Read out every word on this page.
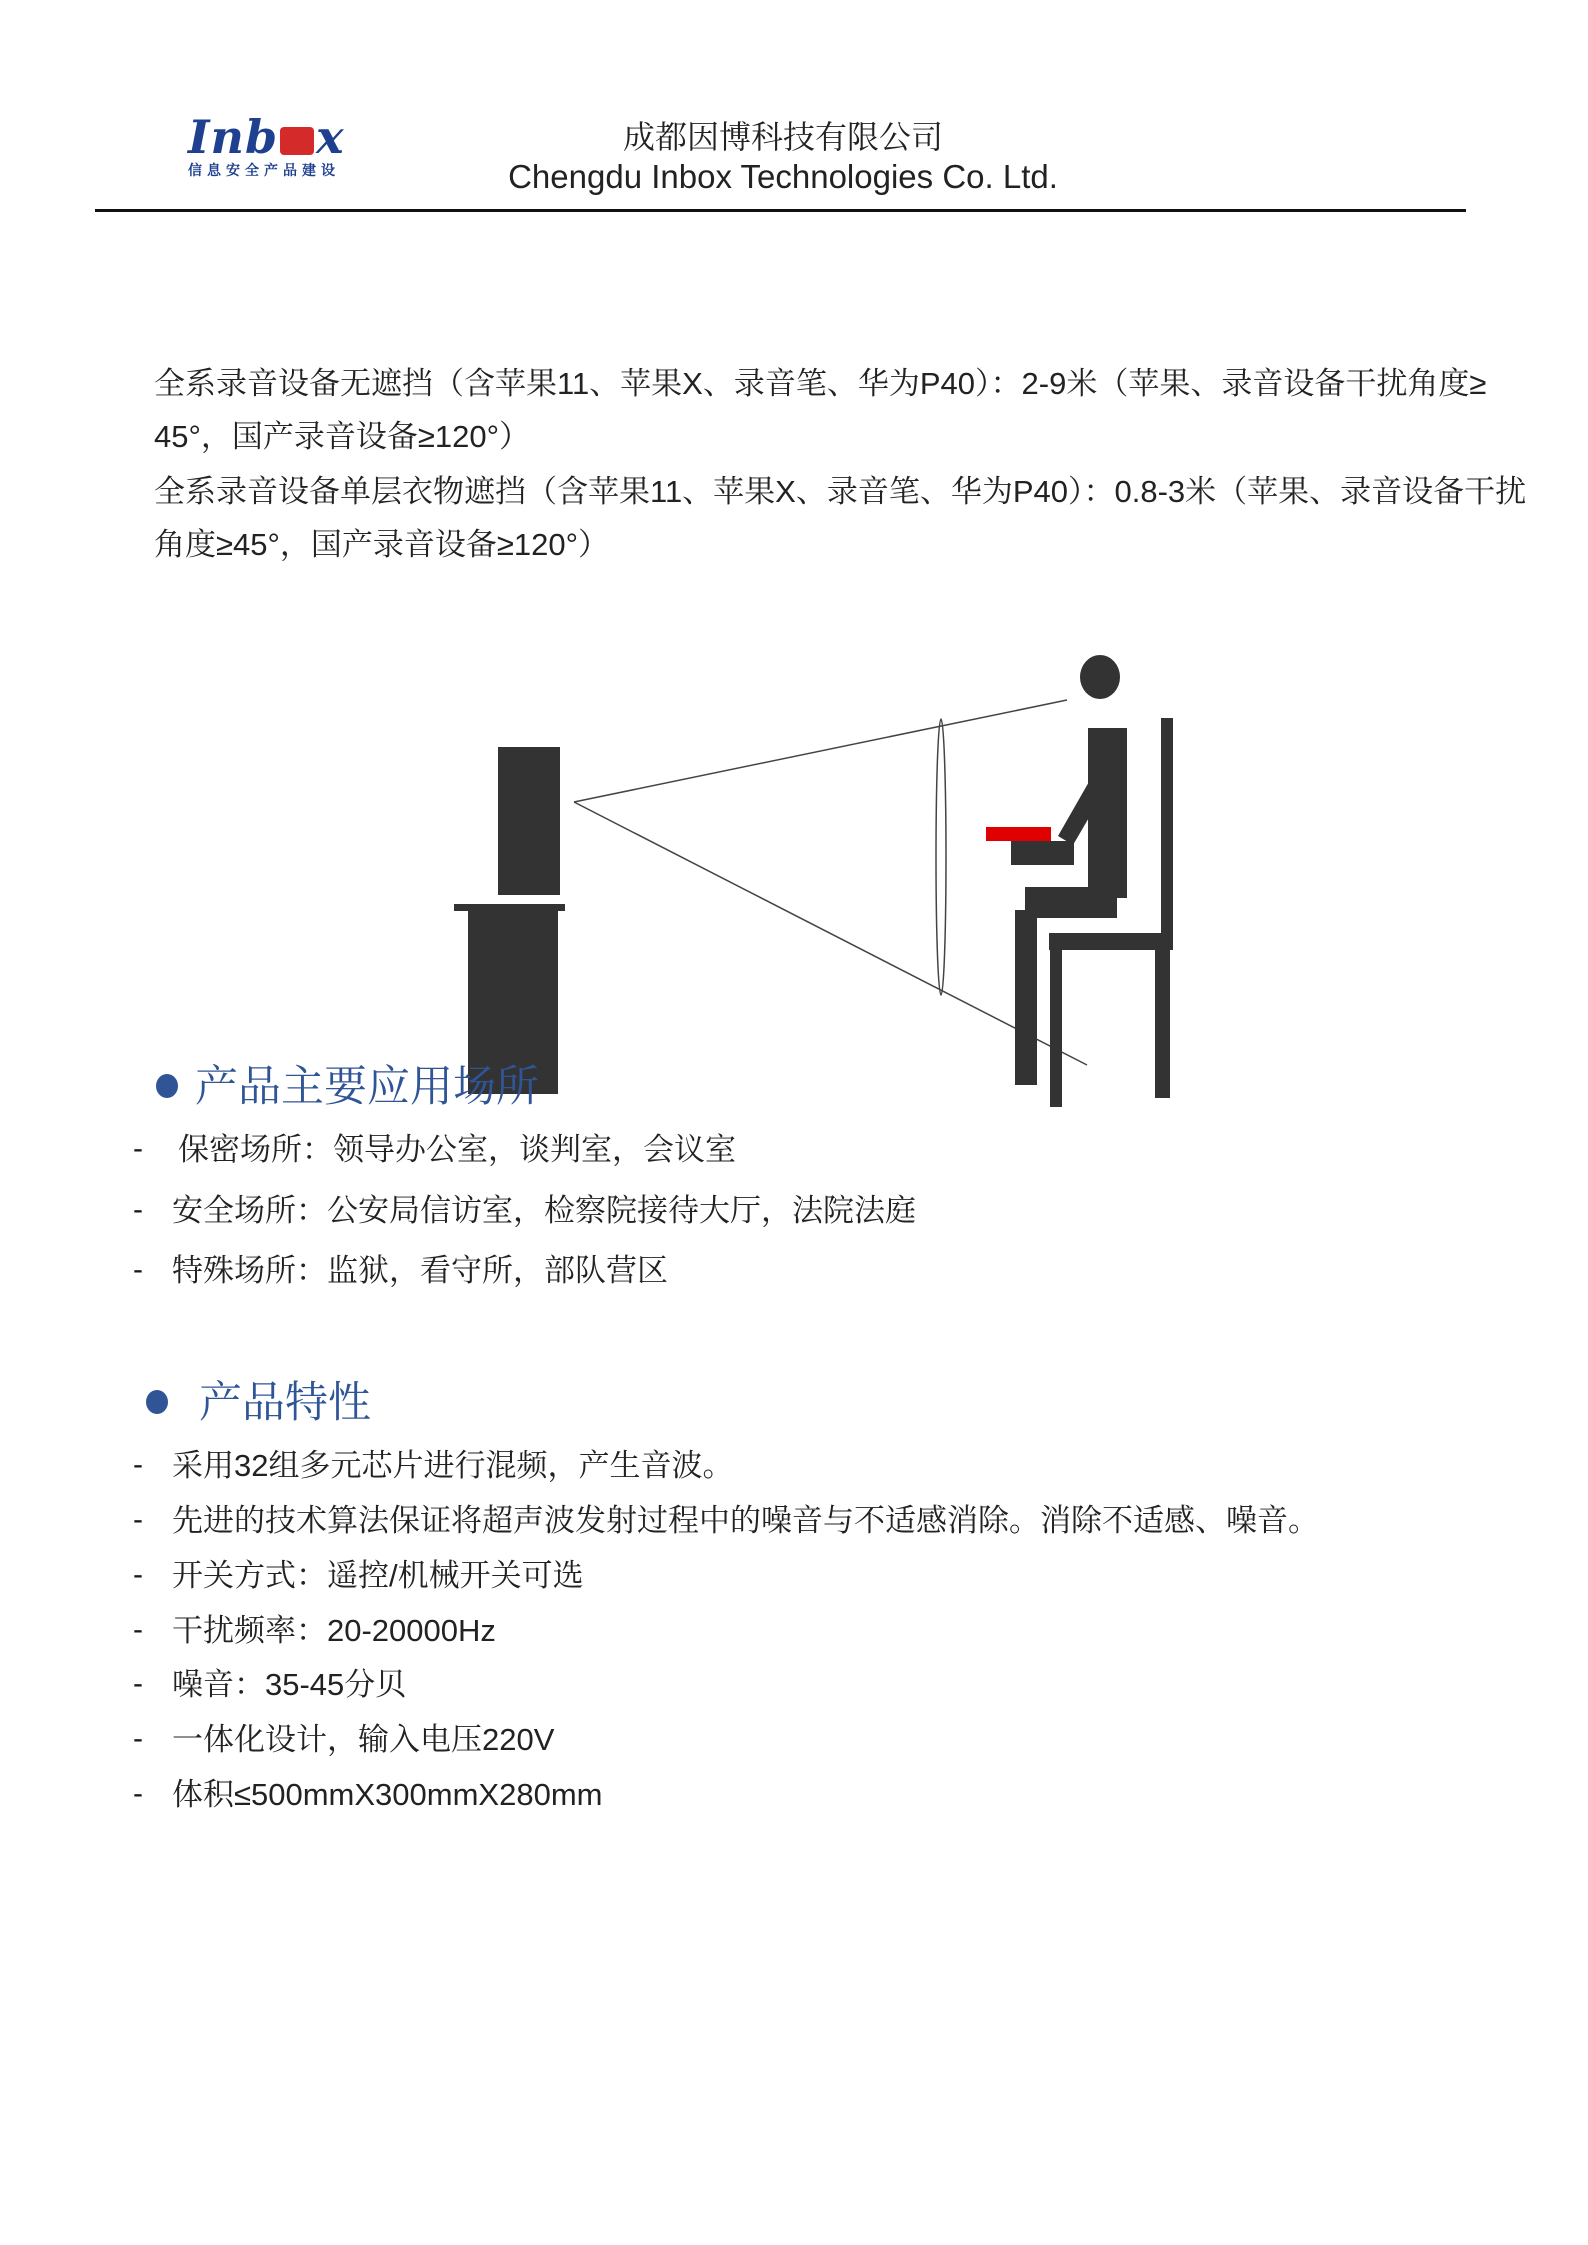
Inb x
信息安全产品建设
成都因博科技有限公司
Chengdu Inbox Technologies Co. Ltd.
全系录音设备无遮挡（含苹果11、苹果X、录音笔、华为P40）：2-9米（苹果、录音设备干扰角度≥
45°，国产录音设备≥120°）
全系录音设备单层衣物遮挡（含苹果11、苹果X、录音笔、华为P40）：0.8-3米（苹果、录音设备干扰
角度≥45°，国产录音设备≥120°）
产品主要应用场所
- 保密场所：领导办公室，谈判室，会议室
- 安全场所：公安局信访室，检察院接待大厅，法院法庭
- 特殊场所：监狱，看守所，部队营区
产品特性
- 采用32组多元芯片进行混频，产生音波。
- 先进的技术算法保证将超声波发射过程中的噪音与不适感消除。消除不适感、噪音。
- 开关方式：遥控/机械开关可选
- 干扰频率：20-20000Hz
- 噪音：35-45分贝
- 一体化设计，输入电压220V
- 体积≤500mmX300mmX280mm
